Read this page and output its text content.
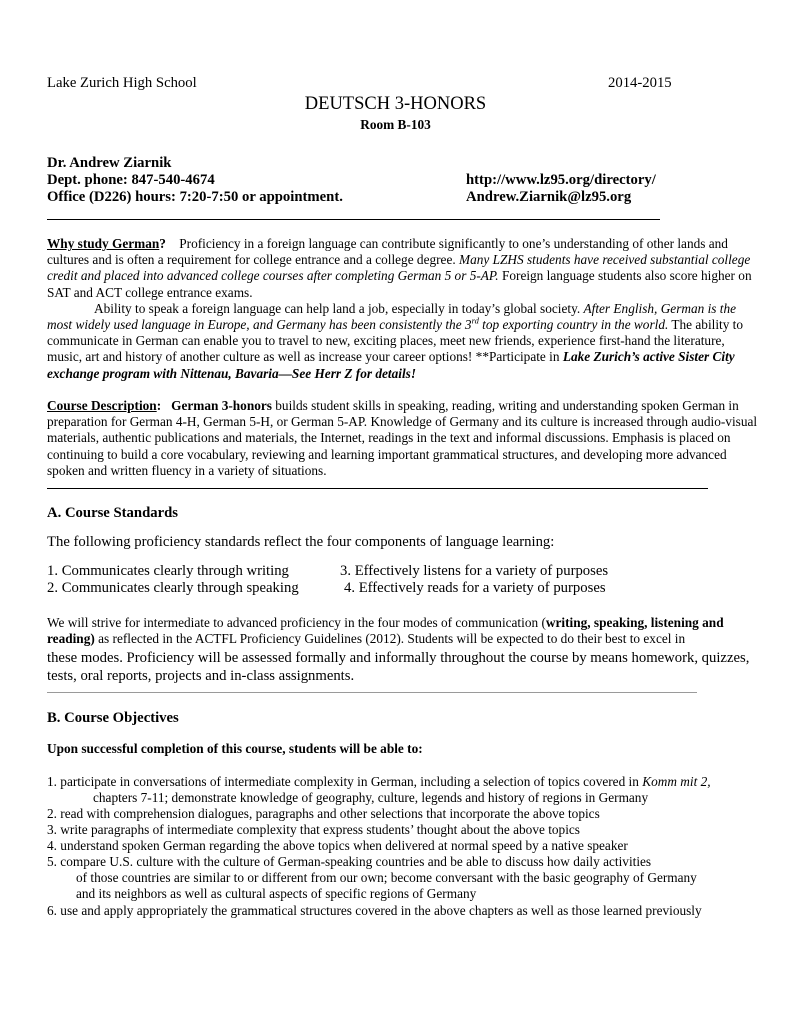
Lake Zurich High School	2014-2015
DEUTSCH 3-HONORS
Room B-103
Dr. Andrew Ziarnik
Dept. phone: 847-540-4674
Office (D226) hours: 7:20-7:50 or appointment.
http://www.lz95.org/directory/
Andrew.Ziarnik@lz95.org
Why study German? Proficiency in a foreign language can contribute significantly to one’s understanding of other lands and cultures and is often a requirement for college entrance and a college degree. Many LZHS students have received substantial college credit and placed into advanced college courses after completing German 5 or 5-AP. Foreign language students also score higher on SAT and ACT college entrance exams.
Ability to speak a foreign language can help land a job, especially in today’s global society. After English, German is the most widely used language in Europe, and Germany has been consistently the 3rd top exporting country in the world. The ability to communicate in German can enable you to travel to new, exciting places, meet new friends, experience first-hand the literature, music, art and history of another culture as well as increase your career options! **Participate in Lake Zurich’s active Sister City exchange program with Nittenau, Bavaria—See Herr Z for details!
Course Description: German 3-honors builds student skills in speaking, reading, writing and understanding spoken German in preparation for German 4-H, German 5-H, or German 5-AP. Knowledge of Germany and its culture is increased through audio-visual materials, authentic publications and materials, the Internet, readings in the text and informal discussions. Emphasis is placed on continuing to build a core vocabulary, reviewing and learning important grammatical structures, and developing more advanced spoken and written fluency in a variety of situations.
A. Course Standards
The following proficiency standards reflect the four components of language learning:
1. Communicates clearly through writing
2. Communicates clearly through speaking
3. Effectively listens for a variety of purposes
4. Effectively reads for a variety of purposes
We will strive for intermediate to advanced proficiency in the four modes of communication (writing, speaking, listening and reading) as reflected in the ACTFL Proficiency Guidelines (2012). Students will be expected to do their best to excel in
these modes. Proficiency will be assessed formally and informally throughout the course by means homework, quizzes, tests, oral reports, projects and in-class assignments.
B. Course Objectives
Upon successful completion of this course, students will be able to:
1. participate in conversations of intermediate complexity in German, including a selection of topics covered in Komm mit 2,
chapters 7-11; demonstrate knowledge of geography, culture, legends and history of regions in Germany
2. read with comprehension dialogues, paragraphs and other selections that incorporate the above topics
3. write paragraphs of intermediate complexity that express students’ thought about the above topics
4. understand spoken German regarding the above topics when delivered at normal speed by a native speaker
5. compare U.S. culture with the culture of German-speaking countries and be able to discuss how daily activities
of those countries are similar to or different from our own; become conversant with the basic geography of Germany
and its neighbors as well as cultural aspects of specific regions of Germany
6. use and apply appropriately the grammatical structures covered in the above chapters as well as those learned previously
